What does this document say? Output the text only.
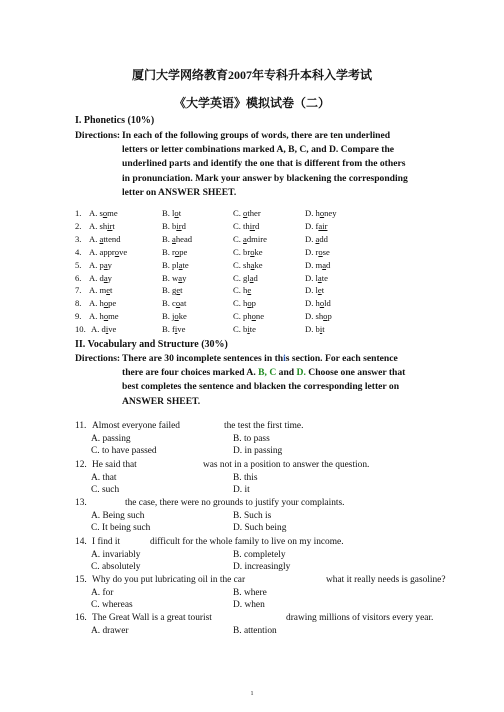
厦门大学网络教育2007年专科升本科入学考试
《大学英语》模拟试卷（二）
I. Phonetics (10%)
Directions: In each of the following groups of words, there are ten underlined
letters or letter combinations marked A, B, C, and D. Compare the
underlined parts and identify the one that is different from the others
in pronunciation. Mark your answer by blackening the corresponding
letter on ANSWER SHEET.
1. A. some	B. lot	C. other	D. honey
2. A. shirt	B. bird	C. third	D. fair
3. A. attend	B. ahead	C. admire	D. add
4. A. approve	B. rope	C. broke	D. rose
5. A. pay	B. plate	C. shake	D. mad
6. A. day	B. way	C. glad	D. late
7. A. met	B. get	C. he	D. let
8. A. hope	B. coat	C. hop	D. hold
9. A. home	B. joke	C. phone	D. shop
10. A. dive	B. five	C. bite	D. bit
II. Vocabulary and Structure (30%)
Directions: There are 30 incomplete sentences in this section. For each sentence
there are four choices marked A. B, C and D. Choose one answer that
best completes the sentence and blacken the corresponding letter on
ANSWER SHEET.
11. Almost everyone failed	the test the first time.
A. passing	B. to pass
C. to have passed	D. in passing
12. He said that	was not in a position to answer the question.
A. that	B. this
C. such	D. it
13.	the case, there were no grounds to justify your complaints.
A. Being such	B. Such is
C. It being such	D. Such being
14. I find it	difficult for the whole family to live on my income.
A. invariably	B. completely
C. absolutely	D. increasingly
15. Why do you put lubricating oil in the car	what it really needs is gasoline?
A. for	B. where
C. whereas	D. when
16. The Great Wall is a great tourist	drawing millions of visitors every year.
A. drawer	B. attention
1
